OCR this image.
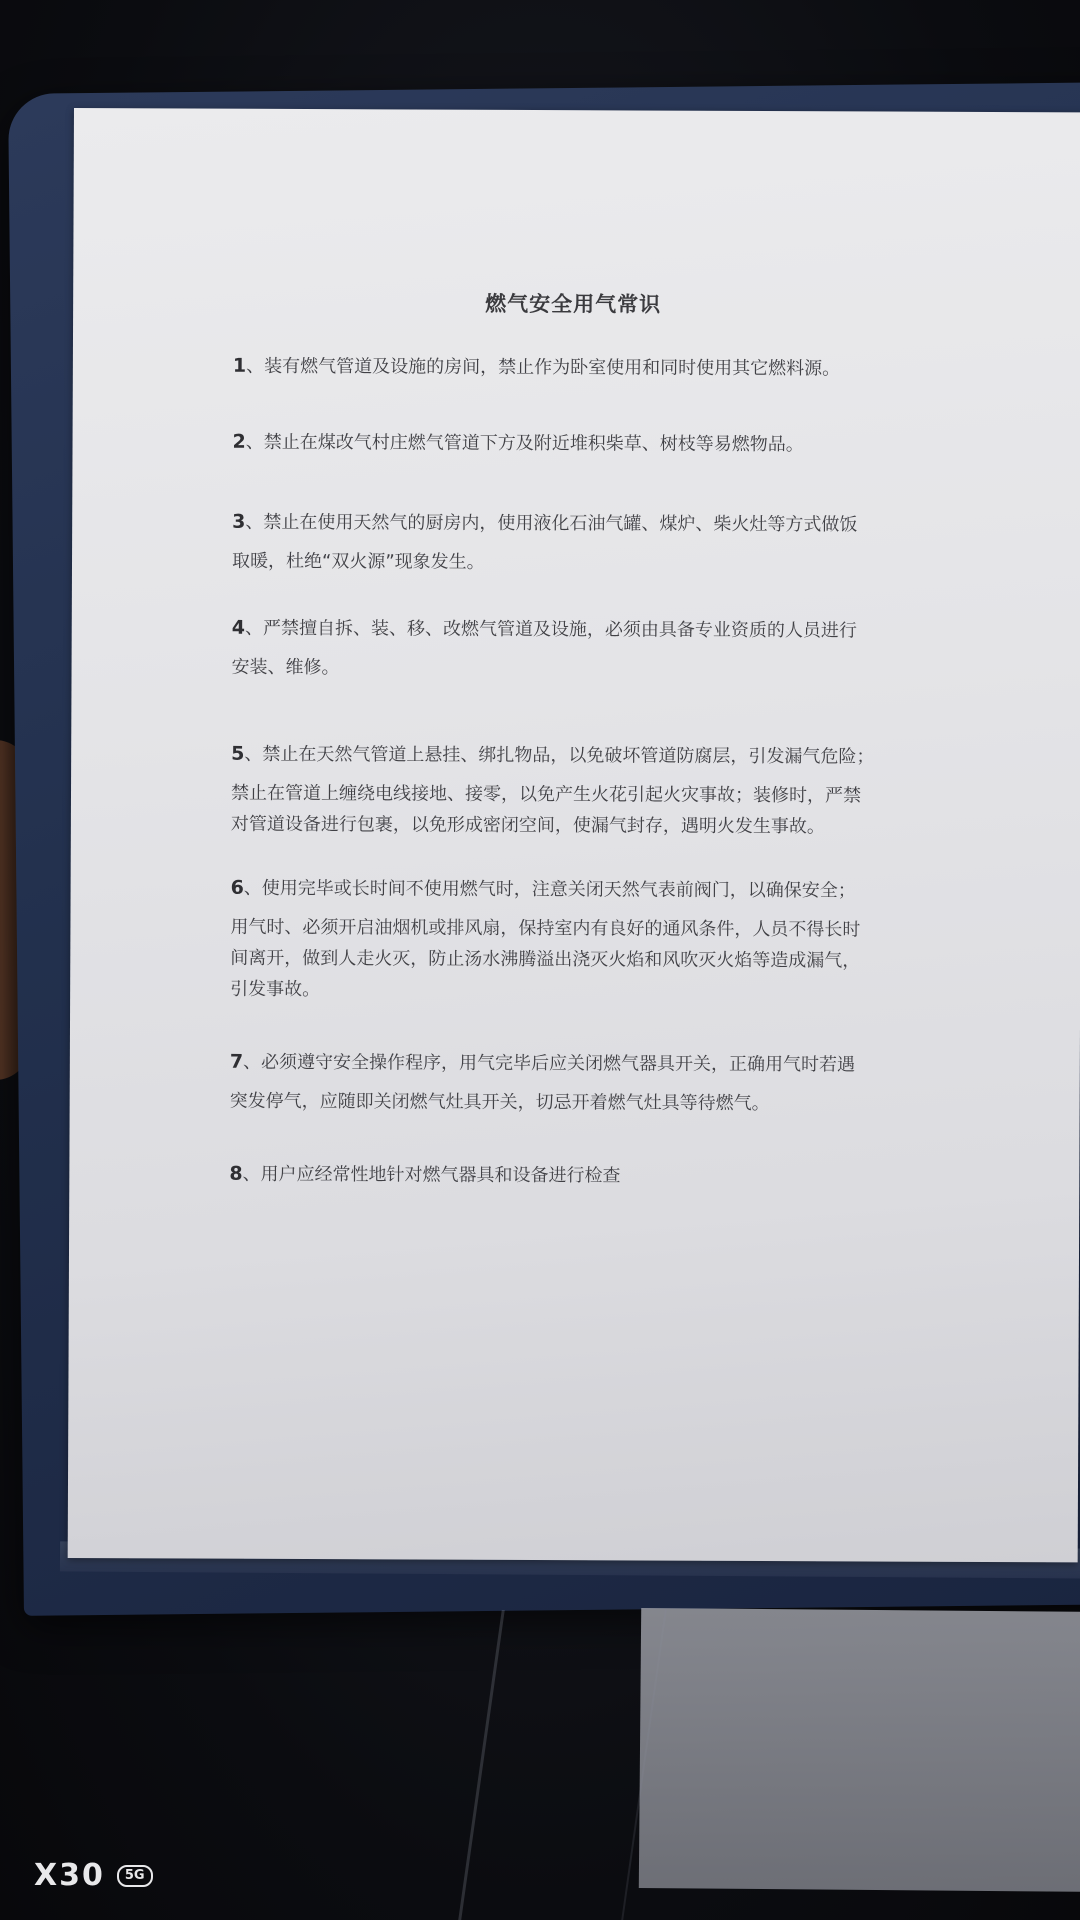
燃气安全用气常识
1、装有燃气管道及设施的房间，禁止作为卧室使用和同时使用其它燃料源。
2、禁止在煤改气村庄燃气管道下方及附近堆积柴草、树枝等易燃物品。
3、禁止在使用天然气的厨房内，使用液化石油气罐、煤炉、柴火灶等方式做饭
取暖，杜绝“双火源”现象发生。
4、严禁擅自拆、装、移、改燃气管道及设施，必须由具备专业资质的人员进行
安装、维修。
5、禁止在天然气管道上悬挂、绑扎物品，以免破坏管道防腐层，引发漏气危险；
禁止在管道上缠绕电线接地、接零，以免产生火花引起火灾事故；装修时，严禁
对管道设备进行包裹，以免形成密闭空间，使漏气封存，遇明火发生事故。
6、使用完毕或长时间不使用燃气时，注意关闭天然气表前阀门，以确保安全；
用气时、必须开启油烟机或排风扇，保持室内有良好的通风条件，人员不得长时
间离开，做到人走火灭，防止汤水沸腾溢出浇灭火焰和风吹灭火焰等造成漏气，
引发事故。
7、必须遵守安全操作程序，用气完毕后应关闭燃气器具开关，正确用气时若遇
突发停气，应随即关闭燃气灶具开关，切忌开着燃气灶具等待燃气。
8、用户应经常性地针对燃气器具和设备进行检查
X30	5G
